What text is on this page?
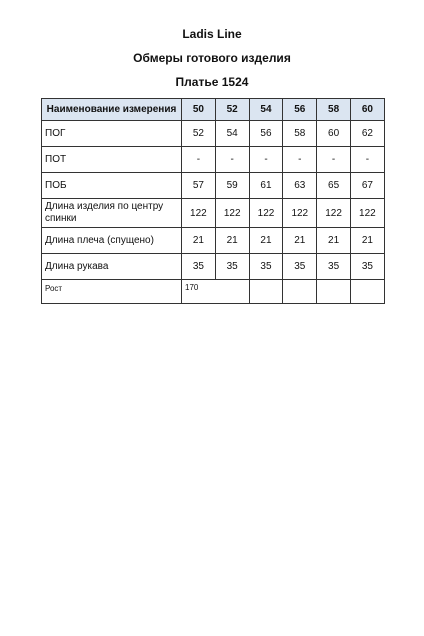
Ladis Line
Обмеры готового изделия
Платье 1524
Наименование измерения	50	52	54	56	58	60
ПОГ	52	54	56	58	60	62
ПОТ	-	-	-	-	-	-
ПОБ	57	59	61	63	65	67
Длина изделия по центру спинки	122	122	122	122	122	122
Длина плеча (спущено)	21	21	21	21	21	21
Длина рукава	35	35	35	35	35	35
Рост	170					
